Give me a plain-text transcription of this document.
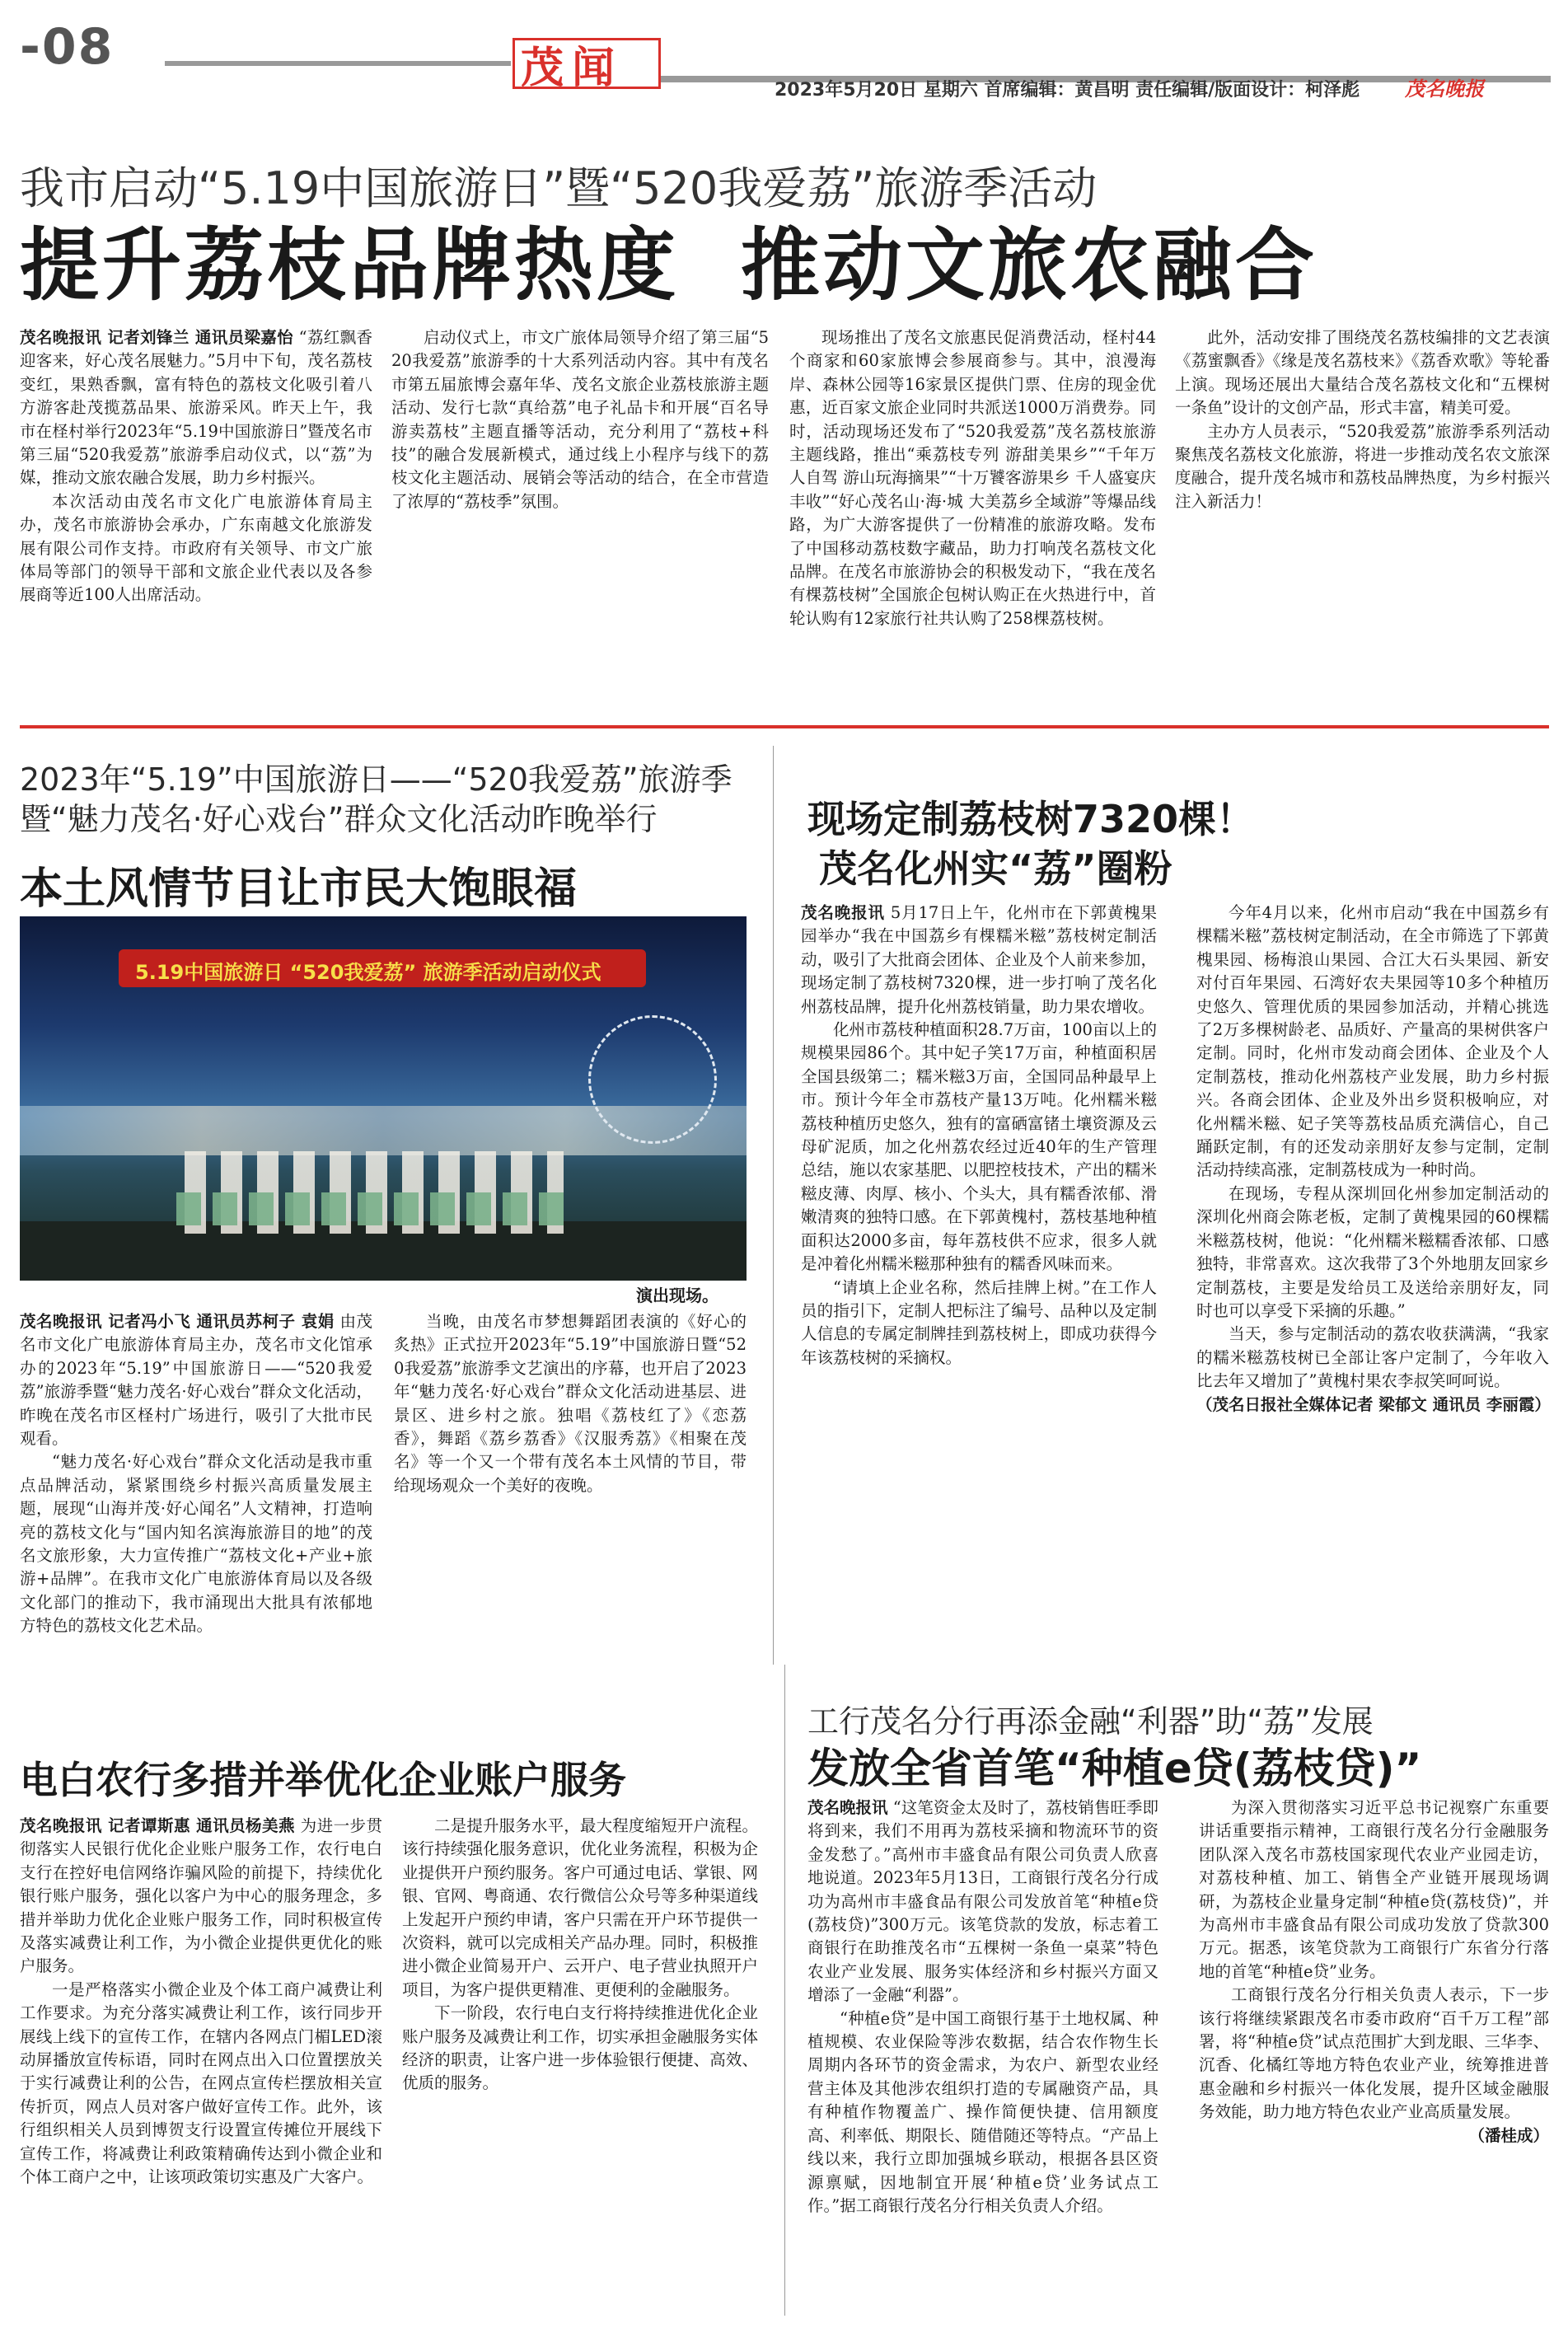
-08	茂闻	2023年5月20日 星期六 首席编辑：黄昌明 责任编辑/版面设计：柯泽彪 茂名晚报
我市启动“5.19中国旅游日”暨“520我爱荔”旅游季活动
提升荔枝品牌热度  推动文旅农融合

茂名晚报讯 记者刘锋兰 通讯员梁嘉怡 “荔红飘香迎客来，好心茂名展魅力。”5月中下旬，茂名荔枝变红，果熟香飘，富有特色的荔枝文化吸引着八方游客赴茂揽荔品果、旅游采风。昨天上午，我市在柽村举行2023年“5.19中国旅游日”暨茂名市第三届“520我爱荔”旅游季启动仪式，以“荔”为媒，推动文旅农融合发展，助力乡村振兴。

本次活动由茂名市文化广电旅游体育局主办，茂名市旅游协会承办，广东南越文化旅游发展有限公司作支持。市政府有关领导、市文广旅体局等部门的领导干部和文旅企业代表以及各参展商等近100人出席活动。

启动仪式上，市文广旅体局领导介绍了第三届“520我爱荔”旅游季的十大系列活动内容。其中有茂名市第五届旅博会嘉年华、茂名文旅企业荔枝旅游主题活动、发行七款“真给荔”电子礼品卡和开展“百名导游卖荔枝”主题直播等活动，充分利用了“荔枝+科技”的融合发展新模式，通过线上小程序与线下的荔枝文化主题活动、展销会等活动的结合，在全市营造了浓厚的“荔枝季”氛围。

现场推出了茂名文旅惠民促消费活动，柽村44个商家和60家旅博会参展商参与。其中，浪漫海岸、森林公园等16家景区提供门票、住房的现金优惠，近百家文旅企业同时共派送1000万消费券。同时，活动现场还发布了“520我爱荔”茂名荔枝旅游主题线路，推出“乘荔枝专列 游甜美果乡”“千年万人自驾 游山玩海摘果”“十万饕客游果乡 千人盛宴庆丰收”“好心茂名山·海·城 大美荔乡全域游”等爆品线路，为广大游客提供了一份精准的旅游攻略。发布了中国移动荔枝数字藏品，助力打响茂名荔枝文化品牌。在茂名市旅游协会的积极发动下，“我在茂名有棵荔枝树”全国旅企包树认购正在火热进行中，首轮认购有12家旅行社共认购了258棵荔枝树。

此外，活动安排了围绕茂名荔枝编排的文艺表演《荔蜜飘香》《缘是茂名荔枝来》《荔香欢歌》等轮番上演。现场还展出大量结合茂名荔枝文化和“五棵树一条鱼”设计的文创产品，形式丰富，精美可爱。

主办方人员表示，“520我爱荔”旅游季系列活动聚焦茂名荔枝文化旅游，将进一步推动茂名农文旅深度融合，提升茂名城市和荔枝品牌热度，为乡村振兴注入新活力！

2023年“5.19”中国旅游日——“520我爱荔”旅游季暨“魅力茂名·好心戏台”群众文化活动昨晚举行
本土风情节目让市民大饱眼福
5.19中国旅游日 “520我爱荔” 旅游季活动启动仪式
演出现场。

茂名晚报讯 记者冯小飞 通讯员苏柯子 袁娟 由茂名市文化广电旅游体育局主办，茂名市文化馆承办的2023年“5.19”中国旅游日——“520我爱荔”旅游季暨“魅力茂名·好心戏台”群众文化活动，昨晚在茂名市区柽村广场进行，吸引了大批市民观看。

“魅力茂名·好心戏台”群众文化活动是我市重点品牌活动，紧紧围绕乡村振兴高质量发展主题，展现“山海并茂·好心闻名”人文精神，打造响亮的荔枝文化与“国内知名滨海旅游目的地”的茂名文旅形象，大力宣传推广“荔枝文化+产业+旅游+品牌”。在我市文化广电旅游体育局以及各级文化部门的推动下，我市涌现出大批具有浓郁地方特色的荔枝文化艺术品。

当晚，由茂名市梦想舞蹈团表演的《好心的炙热》正式拉开2023年“5.19”中国旅游日暨“520我爱荔”旅游季文艺演出的序幕，也开启了2023年“魅力茂名·好心戏台”群众文化活动进基层、进景区、进乡村之旅。独唱《荔枝红了》《恋荔香》，舞蹈《荔乡荔香》《汉服秀荔》《相聚在茂名》等一个又一个带有茂名本土风情的节目，带给现场观众一个美好的夜晚。

现场定制荔枝树7320棵！
茂名化州实“荔”圈粉

茂名晚报讯 5月17日上午，化州市在下郭黄槐果园举办“我在中国荔乡有棵糯米糍”荔枝树定制活动，吸引了大批商会团体、企业及个人前来参加，现场定制了荔枝树7320棵，进一步打响了茂名化州荔枝品牌，提升化州荔枝销量，助力果农增收。

化州市荔枝种植面积28.7万亩，100亩以上的规模果园86个。其中妃子笑17万亩，种植面积居全国县级第二；糯米糍3万亩，全国同品种最早上市。预计今年全市荔枝产量13万吨。化州糯米糍荔枝种植历史悠久，独有的富硒富锗土壤资源及云母矿泥质，加之化州荔农经过近40年的生产管理总结，施以农家基肥、以肥控枝技术，产出的糯米糍皮薄、肉厚、核小、个头大，具有糯香浓郁、滑嫩清爽的独特口感。在下郭黄槐村，荔枝基地种植面积达2000多亩，每年荔枝供不应求，很多人就是冲着化州糯米糍那种独有的糯香风味而来。

“请填上企业名称，然后挂牌上树。”在工作人员的指引下，定制人把标注了编号、品种以及定制人信息的专属定制牌挂到荔枝树上，即成功获得今年该荔枝树的采摘权。

今年4月以来，化州市启动“我在中国荔乡有棵糯米糍”荔枝树定制活动，在全市筛选了下郭黄槐果园、杨梅浪山果园、合江大石头果园、新安对付百年果园、石湾好农夫果园等10多个种植历史悠久、管理优质的果园参加活动，并精心挑选了2万多棵树龄老、品质好、产量高的果树供客户定制。同时，化州市发动商会团体、企业及个人定制荔枝，推动化州荔枝产业发展，助力乡村振兴。各商会团体、企业及外出乡贤积极响应，对化州糯米糍、妃子笑等荔枝品质充满信心，自己踊跃定制，有的还发动亲朋好友参与定制，定制活动持续高涨，定制荔枝成为一种时尚。

在现场，专程从深圳回化州参加定制活动的深圳化州商会陈老板，定制了黄槐果园的60棵糯米糍荔枝树，他说：“化州糯米糍糯香浓郁、口感独特，非常喜欢。这次我带了3个外地朋友回家乡定制荔枝，主要是发给员工及送给亲朋好友，同时也可以享受下采摘的乐趣。”

当天，参与定制活动的荔农收获满满，“我家的糯米糍荔枝树已全部让客户定制了，今年收入比去年又增加了”黄槐村果农李叔笑呵呵说。

（茂名日报社全媒体记者 梁郁文 通讯员 李丽霞）

电白农行多措并举优化企业账户服务

茂名晚报讯 记者谭斯惠 通讯员杨美燕 为进一步贯彻落实人民银行优化企业账户服务工作，农行电白支行在控好电信网络诈骗风险的前提下，持续优化银行账户服务，强化以客户为中心的服务理念，多措并举助力优化企业账户服务工作，同时积极宣传及落实减费让利工作，为小微企业提供更优化的账户服务。

一是严格落实小微企业及个体工商户减费让利工作要求。为充分落实减费让利工作，该行同步开展线上线下的宣传工作，在辖内各网点门楣LED滚动屏播放宣传标语，同时在网点出入口位置摆放关于实行减费让利的公告，在网点宣传栏摆放相关宣传折页，网点人员对客户做好宣传工作。此外，该行组织相关人员到博贺支行设置宣传摊位开展线下宣传工作，将减费让利政策精确传达到小微企业和个体工商户之中，让该项政策切实惠及广大客户。

二是提升服务水平，最大程度缩短开户流程。该行持续强化服务意识，优化业务流程，积极为企业提供开户预约服务。客户可通过电话、掌银、网银、官网、粤商通、农行微信公众号等多种渠道线上发起开户预约申请，客户只需在开户环节提供一次资料，就可以完成相关产品办理。同时，积极推进小微企业简易开户、云开户、电子营业执照开户项目，为客户提供更精准、更便利的金融服务。

下一阶段，农行电白支行将持续推进优化企业账户服务及减费让利工作，切实承担金融服务实体经济的职责，让客户进一步体验银行便捷、高效、优质的服务。

工行茂名分行再添金融“利器”助“荔”发展
发放全省首笔“种植e贷(荔枝贷)”

茂名晚报讯 “这笔资金太及时了，荔枝销售旺季即将到来，我们不用再为荔枝采摘和物流环节的资金发愁了。”高州市丰盛食品有限公司负责人欣喜地说道。2023年5月13日，工商银行茂名分行成功为高州市丰盛食品有限公司发放首笔“种植e贷(荔枝贷)”300万元。该笔贷款的发放，标志着工商银行在助推茂名市“五棵树一条鱼一桌菜”特色农业产业发展、服务实体经济和乡村振兴方面又增添了一金融“利器”。

“种植e贷”是中国工商银行基于土地权属、种植规模、农业保险等涉农数据，结合农作物生长周期内各环节的资金需求，为农户、新型农业经营主体及其他涉农组织打造的专属融资产品，具有种植作物覆盖广、操作简便快捷、信用额度高、利率低、期限长、随借随还等特点。“产品上线以来，我行立即加强城乡联动，根据各县区资源禀赋，因地制宜开展‘种植e贷’业务试点工作。”据工商银行茂名分行相关负责人介绍。

为深入贯彻落实习近平总书记视察广东重要讲话重要指示精神，工商银行茂名分行金融服务团队深入茂名市荔枝国家现代农业产业园走访，对荔枝种植、加工、销售全产业链开展现场调研，为荔枝企业量身定制“种植e贷(荔枝贷)”，并为高州市丰盛食品有限公司成功发放了贷款300万元。据悉，该笔贷款为工商银行广东省分行落地的首笔“种植e贷”业务。

工商银行茂名分行相关负责人表示，下一步该行将继续紧跟茂名市委市政府“百千万工程”部署，将“种植e贷”试点范围扩大到龙眼、三华李、沉香、化橘红等地方特色农业产业，统筹推进普惠金融和乡村振兴一体化发展，提升区域金融服务效能，助力地方特色农业产业高质量发展。

（潘桂成）
